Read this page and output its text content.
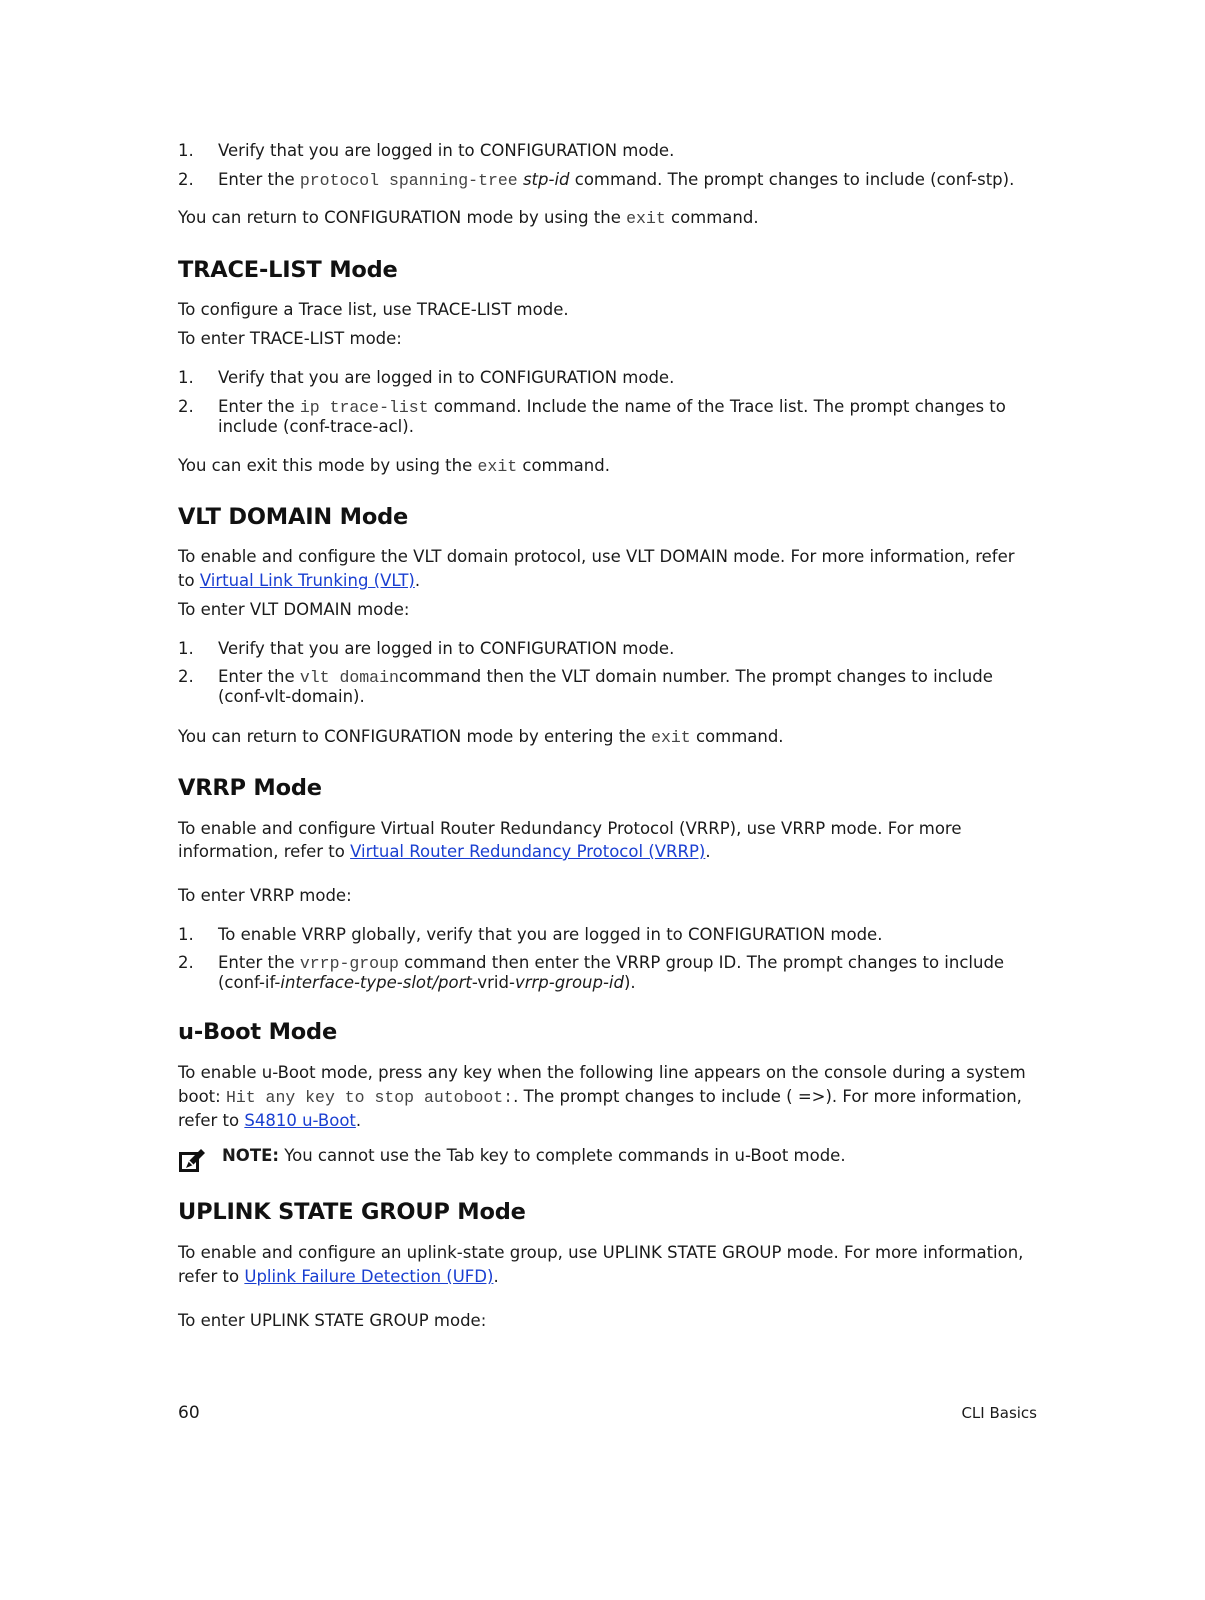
1. Verify that you are logged in to CONFIGURATION mode.
2. Enter the protocol spanning-tree stp-id command. The prompt changes to include (conf-stp).
You can return to CONFIGURATION mode by using the exit command.
TRACE-LIST Mode
To configure a Trace list, use TRACE-LIST mode.
To enter TRACE-LIST mode:
1. Verify that you are logged in to CONFIGURATION mode.
2. Enter the ip trace-list command. Include the name of the Trace list. The prompt changes to
include (conf-trace-acl).
You can exit this mode by using the exit command.
VLT DOMAIN Mode
To enable and configure the VLT domain protocol, use VLT DOMAIN mode. For more information, refer
to Virtual Link Trunking (VLT).
To enter VLT DOMAIN mode:
1. Verify that you are logged in to CONFIGURATION mode.
2. Enter the vlt domaincommand then the VLT domain number. The prompt changes to include
(conf-vlt-domain).
You can return to CONFIGURATION mode by entering the exit command.
VRRP Mode
To enable and configure Virtual Router Redundancy Protocol (VRRP), use VRRP mode. For more
information, refer to Virtual Router Redundancy Protocol (VRRP).
To enter VRRP mode:
1. To enable VRRP globally, verify that you are logged in to CONFIGURATION mode.
2. Enter the vrrp-group command then enter the VRRP group ID. The prompt changes to include
(conf-if-interface-type-slot/port-vrid-vrrp-group-id).
u-Boot Mode
To enable u-Boot mode, press any key when the following line appears on the console during a system
boot: Hit any key to stop autoboot:. The prompt changes to include ( =>). For more information,
refer to S4810 u-Boot.
NOTE: You cannot use the Tab key to complete commands in u-Boot mode.
UPLINK STATE GROUP Mode
To enable and configure an uplink-state group, use UPLINK STATE GROUP mode. For more information,
refer to Uplink Failure Detection (UFD).
To enter UPLINK STATE GROUP mode:
60	CLI Basics
